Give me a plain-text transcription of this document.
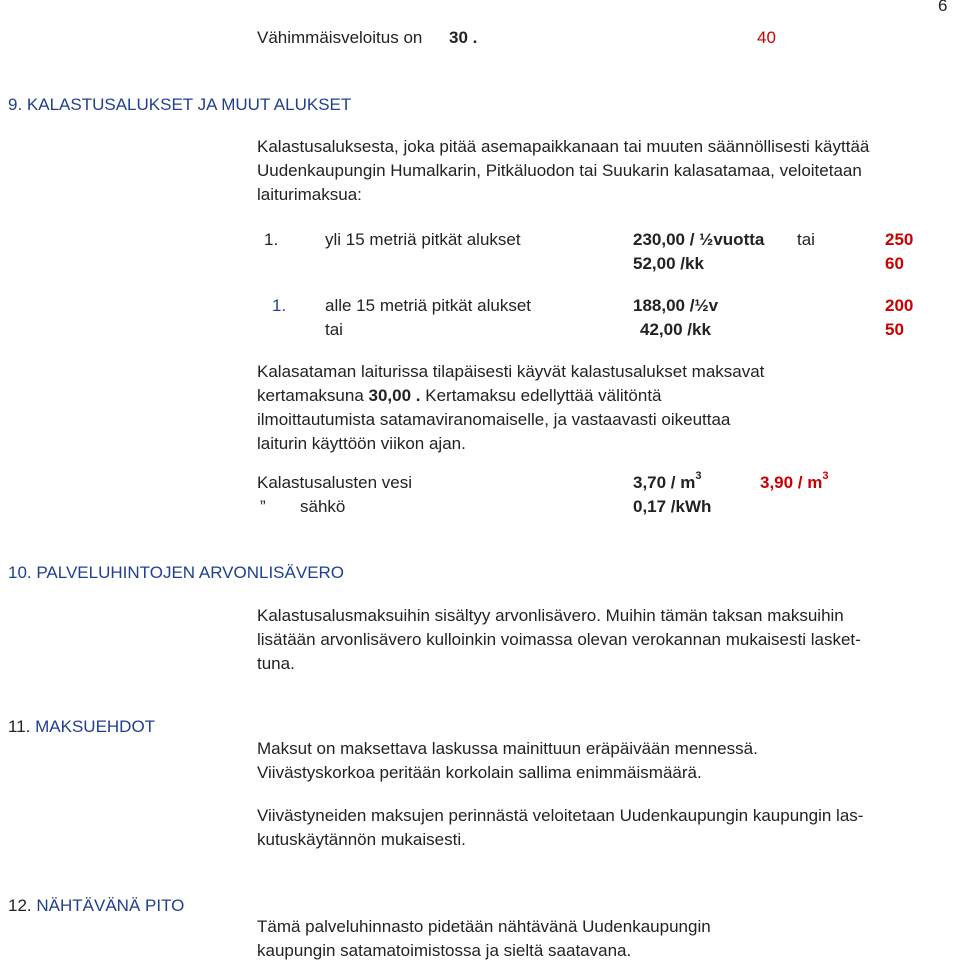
6
Vähimmäisveloitus on 30 .	40
9. KALASTUSALUKSET JA MUUT ALUKSET
Kalastusaluksesta, joka pitää asemapaikkanaan tai muuten säännöllisesti käyttää
Uudenkaupungin Humalkarin, Pitkäluodon tai Suukarin kalasatamaa, veloitetaan
laiturimaksua:
1.	yli 15 metriä pitkät alukset	230,00 / ½vuotta tai	250
52,00 /kk	60
1. alle 15 metriä pitkät alukset	188,00 /½v	200
tai	42,00 /kk	50
Kalasataman laiturissa tilapäisesti käyvät kalastusalukset maksavat
kertamaksuna 30,00 . Kertamaksu edellyttää välitöntä
ilmoittautumista satamaviranomaiselle, ja vastaavasti oikeuttaa
laiturin käyttöön viikon ajan.
Kalastusalusten vesi	$3,70 / m^3$	$3,90 / m^3$
” sähkö	0,17 /kWh
10. PALVELUHINTOJEN ARVONLISÄVERO
Kalastusalusmaksuihin sisältyy arvonlisävero. Muihin tämän taksan maksuihin
lisätään arvonlisävero kulloinkin voimassa olevan verokannan mukaisesti lasket-
tuna.
11. MAKSUEHDOT
Maksut on maksettava laskussa mainittuun eräpäivään mennessä.
Viivästyskorkoa peritään korkolain sallima enimmäismäärä.
Viivästyneiden maksujen perinnästä veloitetaan Uudenkaupungin kaupungin las-
kutuskäytännön mukaisesti.
12. NÄHTÄVÄNÄ PITO
Tämä palveluhinnasto pidetään nähtävänä Uudenkaupungin
kaupungin satamatoimistossa ja sieltä saatavana.
